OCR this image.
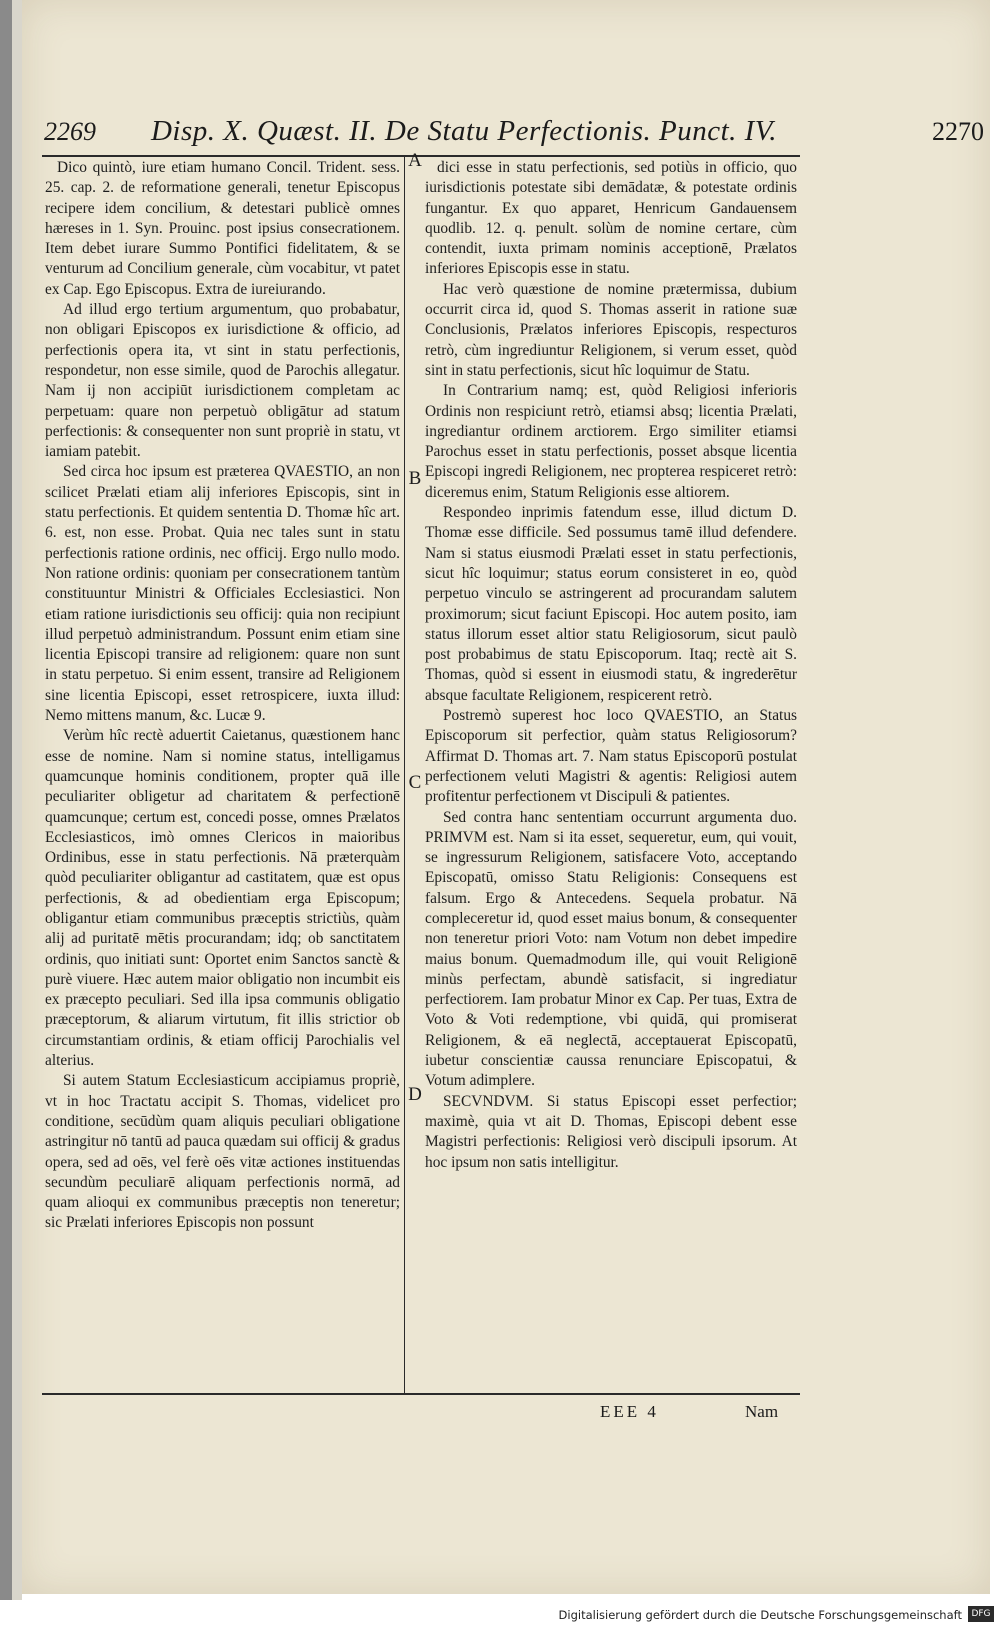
2269	Disp. X. Quæst. II. De Statu Perfectionis. Punct. IV.	2270

Dico quintò, iure etiam humano Concil. Trident. sess. 25. cap. 2. de reformatione generali, tenetur Episcopus recipere idem concilium, & detestari publicè omnes hæreses in 1. Syn. Prouinc. post ipsius consecrationem. Item debet iurare Summo Pontifici fidelitatem, & se venturum ad Concilium generale, cùm vocabitur, vt patet ex Cap. Ego Episcopus. Extra de iureiurando.

Ad illud ergo tertium argumentum, quo probabatur, non obligari Episcopos ex iurisdictione & officio, ad perfectionis opera ita, vt sint in statu perfectionis, respondetur, non esse simile, quod de Parochis allegatur. Nam ij non accipiūt iurisdictionem completam ac perpetuam: quare non perpetuò obligātur ad statum perfectionis: & consequenter non sunt propriè in statu, vt iamiam patebit.

Sed circa hoc ipsum est præterea QVAESTIO, an non scilicet Prælati etiam alij inferiores Episcopis, sint in statu perfectionis. Et quidem sententia D. Thomæ hîc art. 6. est, non esse. Probat. Quia nec tales sunt in statu perfectionis ratione ordinis, nec officij. Ergo nullo modo. Non ratione ordinis: quoniam per consecrationem tantùm constituuntur Ministri & Officiales Ecclesiastici. Non etiam ratione iurisdictionis seu officij: quia non recipiunt illud perpetuò administrandum. Possunt enim etiam sine licentia Episcopi transire ad religionem: quare non sunt in statu perpetuo. Si enim essent, transire ad Religionem sine licentia Episcopi, esset retrospicere, iuxta illud: Nemo mittens manum, &c. Lucæ 9.

Verùm hîc rectè aduertit Caietanus, quæstionem hanc esse de nomine. Nam si nomine status, intelligamus quamcunque hominis conditionem, propter quā ille peculiariter obligetur ad charitatem & perfectionē quamcunque; certum est, concedi posse, omnes Prælatos Ecclesiasticos, imò omnes Clericos in maioribus Ordinibus, esse in statu perfectionis. Nā præterquàm quòd peculiariter obligantur ad castitatem, quæ est opus perfectionis, & ad obedientiam erga Episcopum; obligantur etiam communibus præceptis strictiùs, quàm alij ad puritatē mētis procurandam; idq; ob sanctitatem ordinis, quo initiati sunt: Oportet enim Sanctos sanctè & purè viuere. Hæc autem maior obligatio non incumbit eis ex præcepto peculiari. Sed illa ipsa communis obligatio præceptorum, & aliarum virtutum, fit illis strictior ob circumstantiam ordinis, & etiam officij Parochialis vel alterius.

Si autem Statum Ecclesiasticum accipiamus propriè, vt in hoc Tractatu accipit S. Thomas, videlicet pro conditione, secūdùm quam aliquis peculiari obligatione astringitur nō tantū ad pauca quædam sui officij & gradus opera, sed ad oēs, vel ferè oēs vitæ actiones instituendas secundùm peculiarē aliquam perfectionis normā, ad quam alioqui ex communibus præceptis non teneretur; sic Prælati inferiores Episcopis non possunt

dici esse in statu perfectionis, sed potiùs in officio, quo iurisdictionis potestate sibi demādatæ, & potestate ordinis fungantur. Ex quo apparet, Henricum Gandauensem quodlib. 12. q. penult. solùm de nomine certare, cùm contendit, iuxta primam nominis acceptionē, Prælatos inferiores Episcopis esse in statu.

Hac verò quæstione de nomine prætermissa, dubium occurrit circa id, quod S. Thomas asserit in ratione suæ Conclusionis, Prælatos inferiores Episcopis, respecturos retrò, cùm ingrediuntur Religionem, si verum esset, quòd sint in statu perfectionis, sicut hîc loquimur de Statu.

In Contrarium namq; est, quòd Religiosi inferioris Ordinis non respiciunt retrò, etiamsi absq; licentia Prælati, ingrediantur ordinem arctiorem. Ergo similiter etiamsi Parochus esset in statu perfectionis, posset absque licentia Episcopi ingredi Religionem, nec propterea respiceret retrò: diceremus enim, Statum Religionis esse altiorem.

Respondeo inprimis fatendum esse, illud dictum D. Thomæ esse difficile. Sed possumus tamē illud defendere. Nam si status eiusmodi Prælati esset in statu perfectionis, sicut hîc loquimur; status eorum consisteret in eo, quòd perpetuo vinculo se astringerent ad procurandam salutem proximorum; sicut faciunt Episcopi. Hoc autem posito, iam status illorum esset altior statu Religiosorum, sicut paulò post probabimus de statu Episcoporum. Itaq; rectè ait S. Thomas, quòd si essent in eiusmodi statu, & ingrederētur absque facultate Religionem, respicerent retrò.

Postremò superest hoc loco QVAESTIO, an Status Episcoporum sit perfectior, quàm status Religiosorum? Affirmat D. Thomas art. 7. Nam status Episcoporū postulat perfectionem veluti Magistri & agentis: Religiosi autem profitentur perfectionem vt Discipuli & patientes.

Sed contra hanc sententiam occurrunt argumenta duo. PRIMVM est. Nam si ita esset, sequeretur, eum, qui vouit, se ingressurum Religionem, satisfacere Voto, acceptando Episcopatū, omisso Statu Religionis: Consequens est falsum. Ergo & Antecedens. Sequela probatur. Nā compleceretur id, quod esset maius bonum, & consequenter non teneretur priori Voto: nam Votum non debet impedire maius bonum. Quemadmodum ille, qui vouit Religionē minùs perfectam, abundè satisfacit, si ingrediatur perfectiorem. Iam probatur Minor ex Cap. Per tuas, Extra de Voto & Voti redemptione, vbi quidā, qui promiserat Religionem, & eā neglectā, acceptauerat Episcopatū, iubetur conscientiæ caussa renunciare Episcopatui, & Votum adimplere.

SECVNDVM. Si status Episcopi esset perfectior; maximè, quia vt ait D. Thomas, Episcopi debent esse Magistri perfectionis: Religiosi verò discipuli ipsorum. At hoc ipsum non satis intelligitur.

A
B
C
D
EEE 4	Nam
Digitalisierung gefördert durch die Deutsche Forschungsgemeinschaft	DFG
